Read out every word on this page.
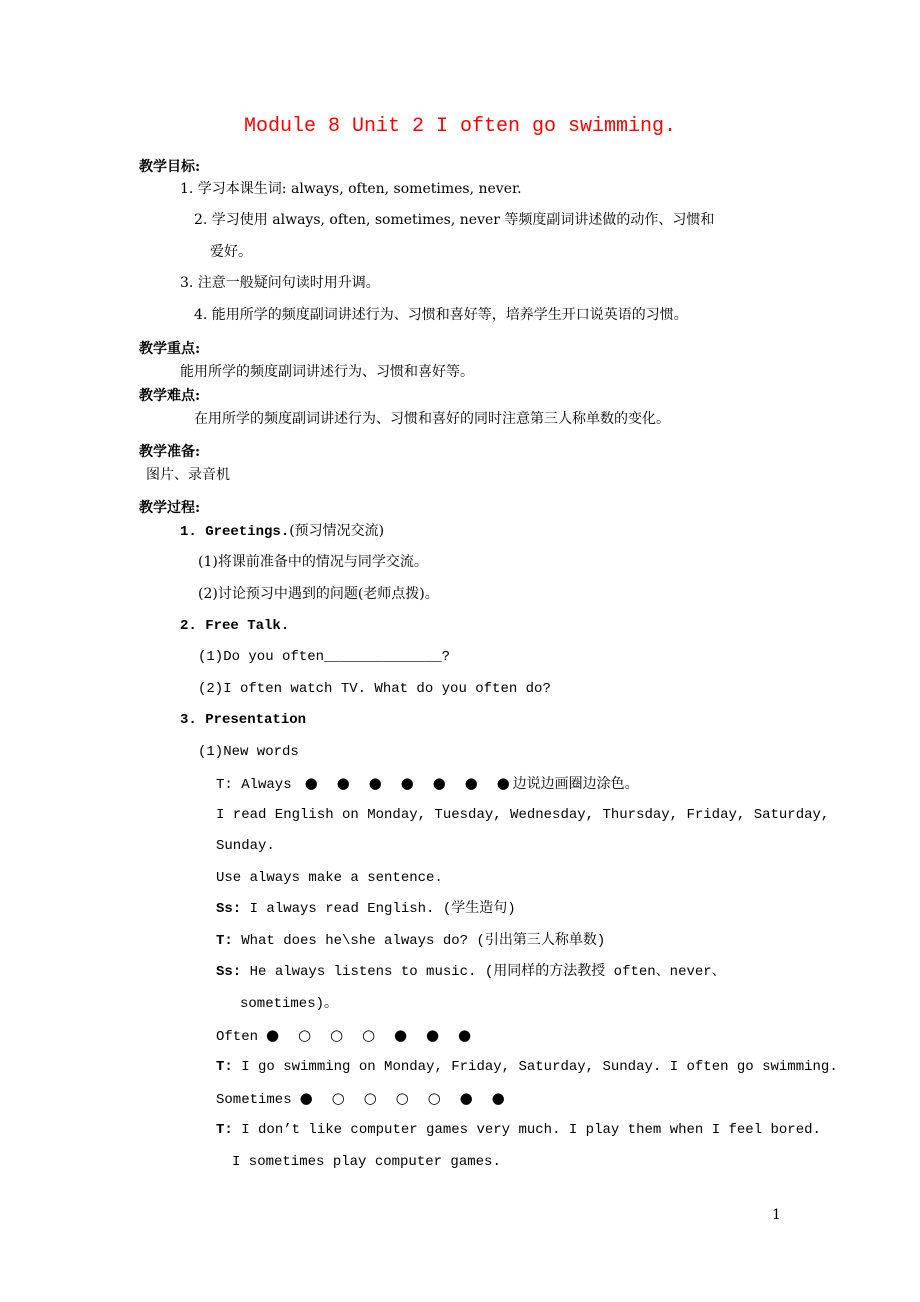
Module 8 Unit 2 I often go swimming.
教学目标:
1. 学习本课生词: always, often, sometimes, never.
2. 学习使用 always, often, sometimes, never 等频度副词讲述做的动作、习惯和
爱好。
3. 注意一般疑问句读时用升调。
4. 能用所学的频度副词讲述行为、习惯和喜好等，培养学生开口说英语的习惯。
教学重点:
能用所学的频度副词讲述行为、习惯和喜好等。
教学难点:
在用所学的频度副词讲述行为、习惯和喜好的同时注意第三人称单数的变化。
教学准备:
图片、录音机
教学过程:
1. Greetings.(预习情况交流)
(1)将课前准备中的情况与同学交流。
(2)讨论预习中遇到的问题(老师点拨)。
2. Free Talk.
(1)Do you often______________?
(2)I often watch TV. What do you often do?
3. Presentation
(1)New words
T: Always ● ● ● ● ● ● ● 边说边画圈边涂色。
I read English on Monday, Tuesday, Wednesday, Thursday, Friday, Saturday,
Sunday.
Use always make a sentence.
Ss: I always read English. (学生造句)
T: What does he\she always do? (引出第三人称单数)
Ss: He always listens to music. (用同样的方法教授 often、never、
sometimes)。
Often ● ○ ○ ○ ● ● ●
T: I go swimming on Monday, Friday, Saturday, Sunday. I often go swimming.
Sometimes ● ○ ○ ○ ○ ● ●
T: I don’t like computer games very much. I play them when I feel bored.
I sometimes play computer games.
1
